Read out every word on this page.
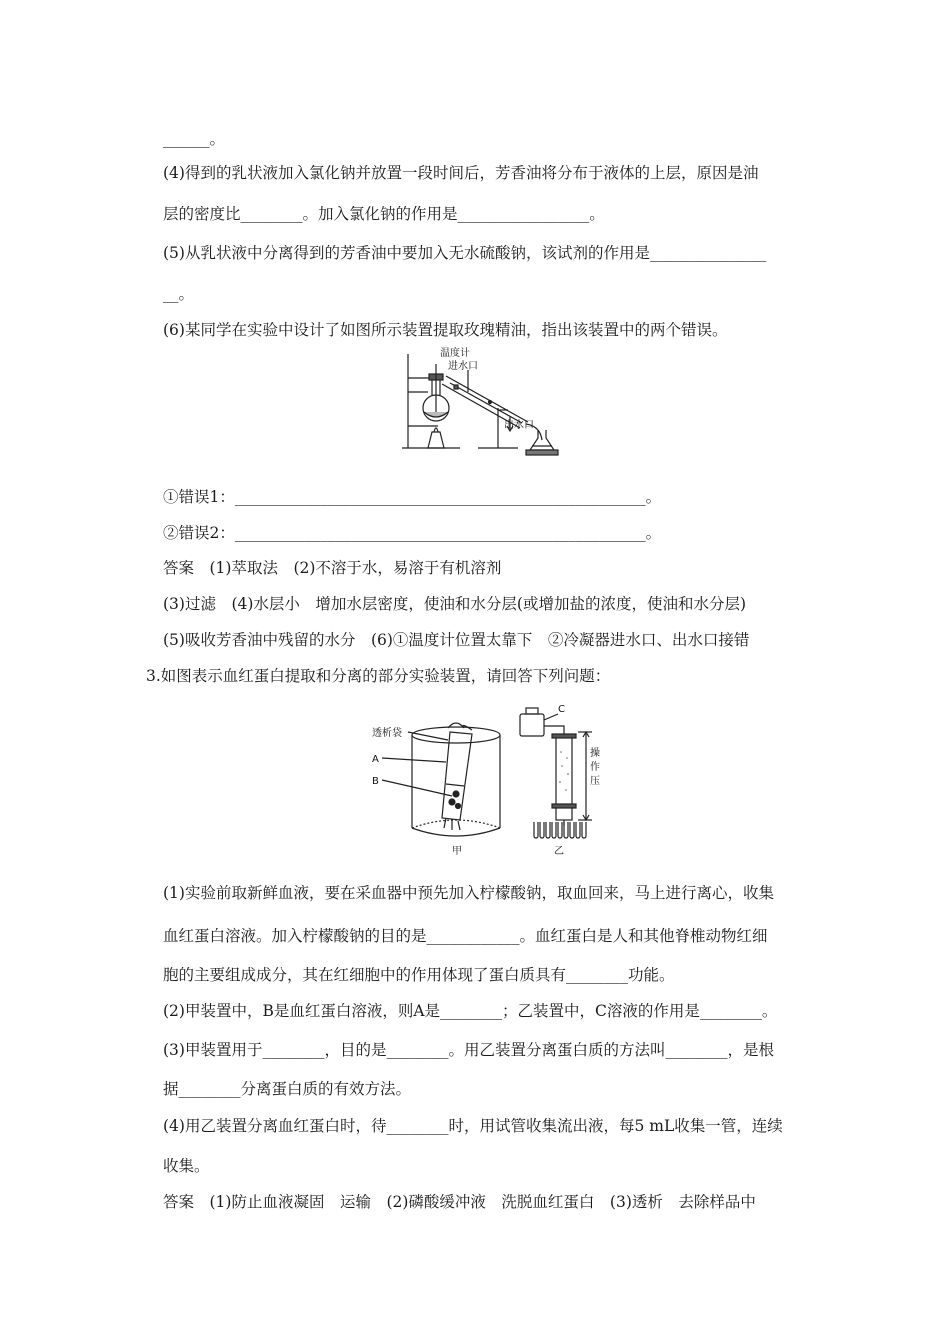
______。
(4)得到的乳状液加入氯化钠并放置一段时间后，芳香油将分布于液体的上层，原因是油
层的密度比________。加入氯化钠的作用是_________________。
(5)从乳状液中分离得到的芳香油中要加入无水硫酸钠，该试剂的作用是_______________
__。
(6)某同学在实验中设计了如图所示装置提取玫瑰精油，指出该装置中的两个错误。
温度计
进水口
出水口
①错误1：_____________________________________________________。
②错误2：_____________________________________________________。
答案　(1)萃取法　(2)不溶于水，易溶于有机溶剂
(3)过滤　(4)水层小　增加水层密度，使油和水分层(或增加盐的浓度，使油和水分层)
(5)吸收芳香油中残留的水分　(6)①温度计位置太靠下　②冷凝器进水口、出水口接错
3.如图表示血红蛋白提取和分离的部分实验装置，请回答下列问题：
透析袋
A
B
C
操
作
压
甲	乙
(1)实验前取新鲜血液，要在采血器中预先加入柠檬酸钠，取血回来，马上进行离心，收集
血红蛋白溶液。加入柠檬酸钠的目的是____________。血红蛋白是人和其他脊椎动物红细
胞的主要组成成分，其在红细胞中的作用体现了蛋白质具有________功能。
(2)甲装置中，B是血红蛋白溶液，则A是________；乙装置中，C溶液的作用是________。
(3)甲装置用于________，目的是________。用乙装置分离蛋白质的方法叫________，是根
据________分离蛋白质的有效方法。
(4)用乙装置分离血红蛋白时，待________时，用试管收集流出液，每5 mL收集一管，连续
收集。
答案　(1)防止血液凝固　运输　(2)磷酸缓冲液　洗脱血红蛋白　(3)透析　去除样品中
